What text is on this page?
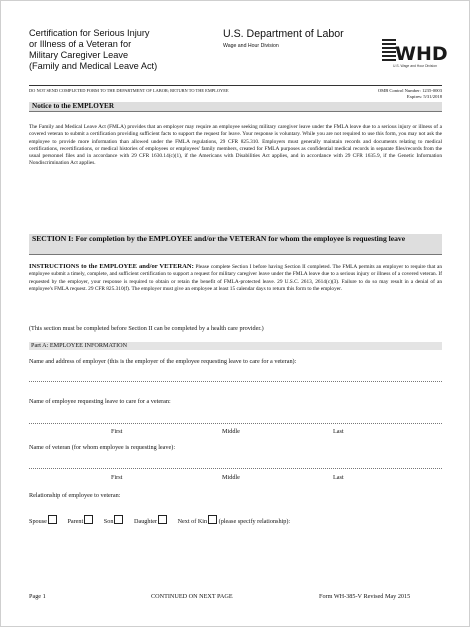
Certification for Serious Injury
or Illness of a Veteran for
Military Caregiver Leave
(Family and Medical Leave Act)
U.S. Department of Labor
Wage and Hour Division	WHD
U.S. Wage and Hour Division
DO NOT SEND COMPLETED FORM TO THE DEPARTMENT OF LABOR; RETURN TO THE EMPLOYEE	OMB Control Number: 1235-0003
Expires: 5/31/2018
Notice to the EMPLOYER
The Family and Medical Leave Act (FMLA) provides that an employer may require an employee seeking military caregiver leave under the FMLA leave due to a serious injury or illness of a covered veteran to submit a certification providing sufficient facts to support the request for leave. Your response is voluntary. While you are not required to use this form, you may not ask the employee to provide more information than allowed under the FMLA regulations, 29 CFR 825.310. Employers must generally maintain records and documents relating to medical certifications, recertifications, or medical histories of employees or employees' family members, created for FMLA purposes as confidential medical records in separate files/records from the usual personnel files and in accordance with 29 CFR 1630.14(c)(1), if the Americans with Disabilities Act applies, and in accordance with 29 CFR 1635.9, if the Genetic Information Nondiscrimination Act applies.
SECTION I: For completion by the EMPLOYEE and/or the VETERAN for whom the employee is requesting leave
INSTRUCTIONS to the EMPLOYEE and/or VETERAN: Please complete Section I before having Section II completed. The FMLA permits an employer to require that an employee submit a timely, complete, and sufficient certification to support a request for military caregiver leave under the FMLA leave due to a serious injury or illness of a covered veteran. If requested by the employer, your response is required to obtain or retain the benefit of FMLA-protected leave. 29 U.S.C. 2613, 2614(c)(3). Failure to do so may result in a denial of an employee's FMLA request. 29 CFR 825.310(f). The employer must give an employee at least 15 calendar days to return this form to the employer.
(This section must be completed before Section II can be completed by a health care provider.)
Part A: EMPLOYEE INFORMATION
Name and address of employer (this is the employer of the employee requesting leave to care for a veteran):
Name of employee requesting leave to care for a veteran:
First	Middle	Last
Name of veteran (for whom employee is requesting leave):
First	Middle	Last
Relationship of employee to veteran:
Spouse	Parent	Son	Daughter	Next of Kin (please specify relationship):
Page 1	CONTINUED ON NEXT PAGE	Form WH-385-V Revised May 2015
